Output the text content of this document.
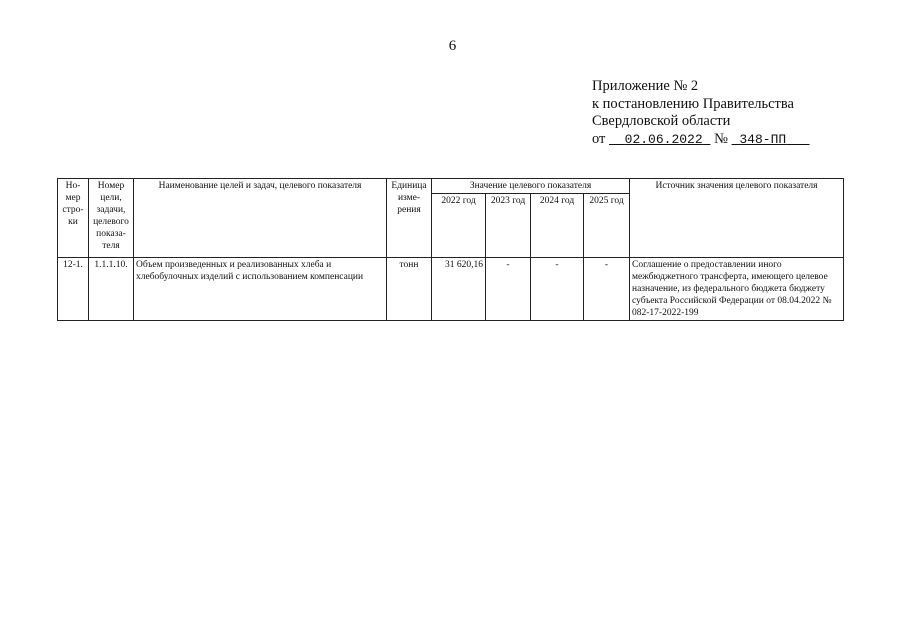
6
Приложение № 2
к постановлению Правительства
Свердловской области
от 02.06.2022 № 348-ПП
Но-мер стро-ки	Номер цели, задачи, целевого показа-теля	Наименование целей и задач, целевого показателя	Единица изме-рения	Значение целевого показателя				Источник значения целевого показателя
				2022 год	2023 год	2024 год	2025 год	
12-1.	1.1.1.10.	Объем произведенных и реализованных хлеба и хлебобулочных изделий с использованием компенсации	тонн	31 620,16	-	-	-	Соглашение о предоставлении иного межбюджетного трансферта, имеющего целевое назначение, из федерального бюджета бюджету субъекта Российской Федерации от 08.04.2022 № 082-17-2022-199
